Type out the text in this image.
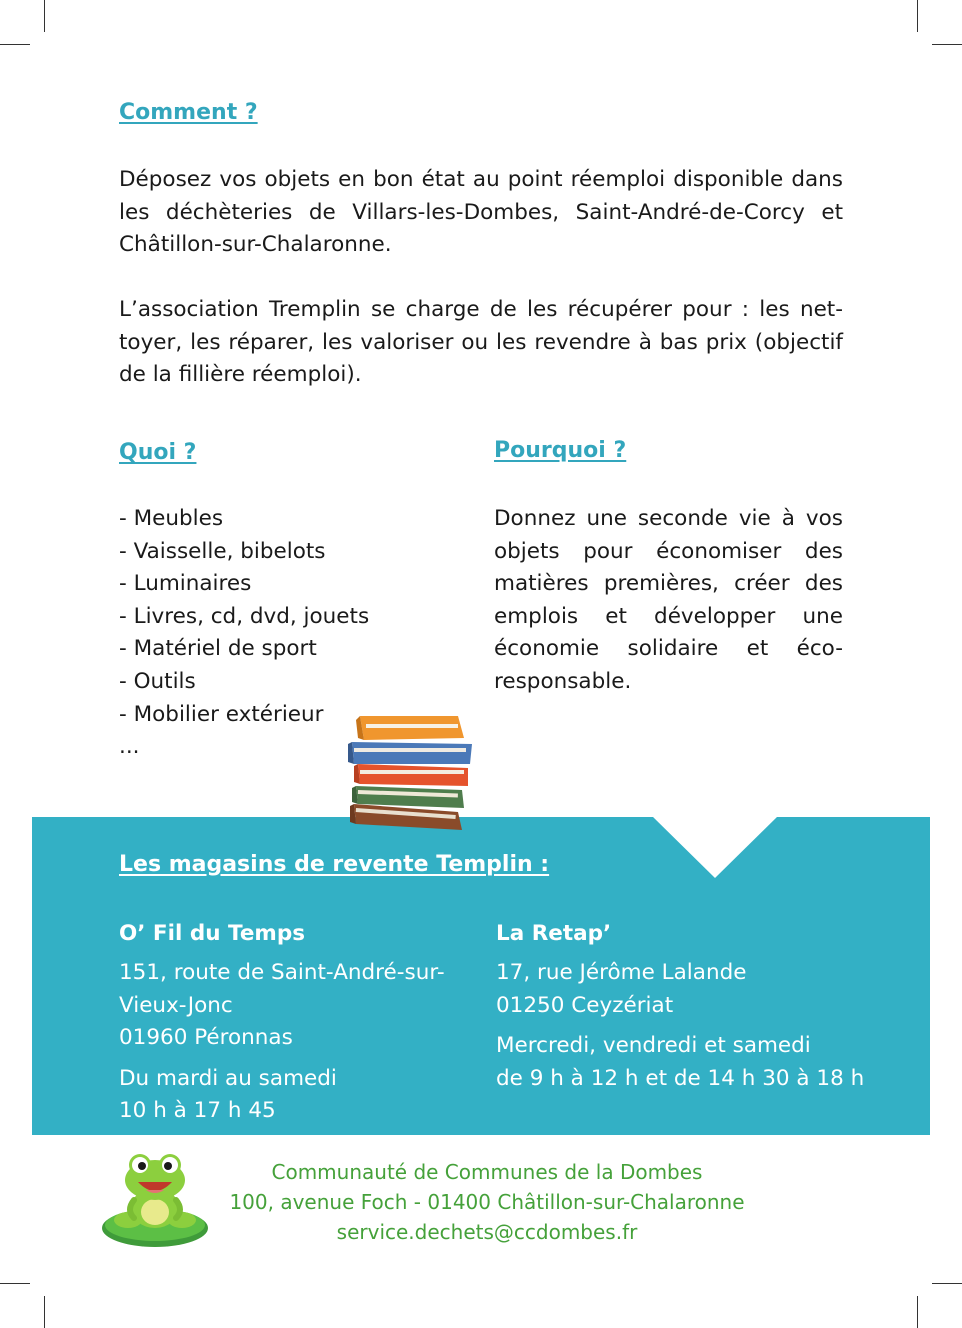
Comment ?

Déposez vos objets en bon état au point réemploi disponible dans les déchèteries de Villars-les-Dombes, Saint-André-de-Corcy et Châtillon-sur-Chalaronne.

L’association Tremplin se charge de les récupérer pour : les net-toyer, les réparer, les valoriser ou les revendre à bas prix (objectif de la fillière réemploi).

Quoi ?
- Meubles
- Vaisselle, bibelots
- Luminaires
- Livres, cd, dvd, jouets
- Matériel de sport
- Outils
- Mobilier extérieur
...
Pourquoi ?

Donnez une seconde vie à vos objets pour économiser des matières premières, créer des emplois et développer une économie solidaire et éco-responsable.

Les magasins de revente Templin :
O’ Fil du Temps
151, route de Saint-André-sur-
Vieux-Jonc
01960 Péronnas
Du mardi au samedi
10 h à 17 h 45
La Retap’
17, rue Jérôme Lalande
01250 Ceyzériat
Mercredi, vendredi et samedi
de 9 h à 12 h et de 14 h 30 à 18 h
Communauté de Communes de la Dombes
100, avenue Foch - 01400 Châtillon-sur-Chalaronne
service.dechets@ccdombes.fr
